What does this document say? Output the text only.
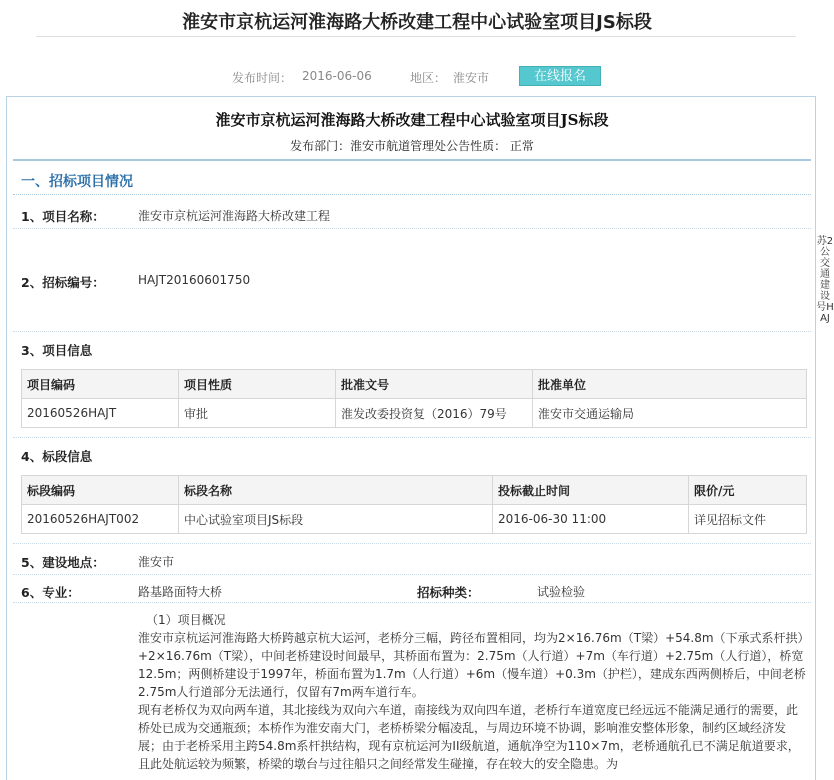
淮安市京杭运河淮海路大桥改建工程中心试验室项目JS标段
发布时间： 2016-06-06	地区： 淮安市	在线报名
淮安市京杭运河淮海路大桥改建工程中心试验室项目JS标段
发布部门：淮安市航道管理处公告性质： 正常
一、招标项目情况
1、项目名称：	淮安市京杭运河淮海路大桥改建工程
2、招标编号：	HAJT20160601750
3、项目信息
项目编码	项目性质	批准文号	批准单位
20160526HAJT	审批	淮发改委投资复（2016）79号	淮安市交通运输局
4、标段信息
标段编码	标段名称	投标截止时间	限价/元
20160526HAJT002	中心试验室项目JS标段	2016-06-30 11:00	详见招标文件
5、建设地点：	淮安市
6、专业：	路基路面特大桥	招标种类：	试验检验

（1）项目概况

淮安市京杭运河淮海路大桥跨越京杭大运河，老桥分三幅，跨径布置相同，均为2×16.76m（T梁）+54.8m（下承式系杆拱）+2×16.76m（T梁），中间老桥建设时间最早，其桥面布置为：2.75m（人行道）+7m（车行道）+2.75m（人行道），桥宽12.5m；两侧桥建设于1997年，桥面布置为1.7m（人行道）+6m（慢车道）+0.3m（护栏），建成东西两侧桥后，中间老桥2.75m人行道部分无法通行，仅留有7m两车道行车。

现有老桥仅为双向两车道，其北接线为双向六车道，南接线为双向四车道，老桥行车道宽度已经远远不能满足通行的需要，此桥处已成为交通瓶颈；本桥作为淮安南大门，老桥桥梁分幅凌乱，与周边环境不协调，影响淮安整体形象，制约区域经济发展；由于老桥采用主跨54.8m系杆拱结构，现有京杭运河为II级航道，通航净空为110×7m，老桥通航孔已不满足航道要求，且此处航运较为频繁，桥梁的墩台与过往船只之间经常发生碰撞，存在较大的安全隐患。为

苏2公交通建设号HAJ
